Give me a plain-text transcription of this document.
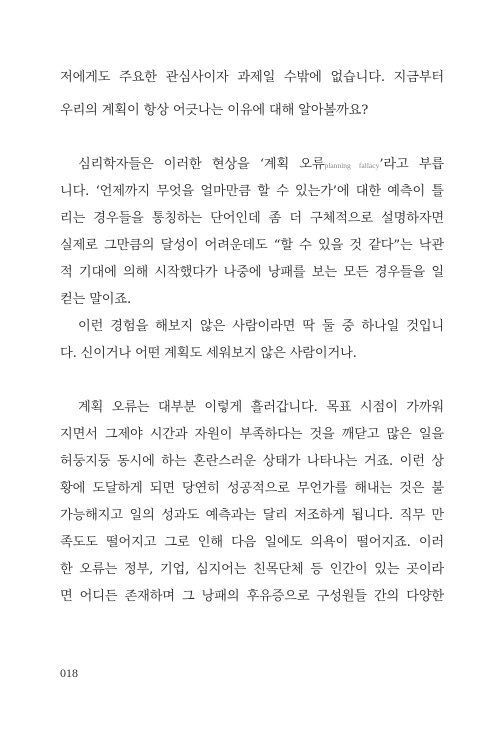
저에게도 주요한 관심사이자 과제일 수밖에 없습니다. 지금부터
우리의 계획이 항상 어긋나는 이유에 대해 알아볼까요?
심리학자들은 이러한 현상을 ‘계획 오류planning fallacy’라고 부릅
니다. ‘언제까지 무엇을 얼마만큼 할 수 있는가’에 대한 예측이 틀
리는 경우들을 통칭하는 단어인데 좀 더 구체적으로 설명하자면
실제로 그만큼의 달성이 어려운데도 “할 수 있을 것 같다”는 낙관
적 기대에 의해 시작했다가 나중에 낭패를 보는 모든 경우들을 일
컫는 말이죠.
이런 경험을 해보지 않은 사람이라면 딱 둘 중 하나일 것입니
다. 신이거나 어떤 계획도 세워보지 않은 사람이거나.
계획 오류는 대부분 이렇게 흘러갑니다. 목표 시점이 가까워
지면서 그제야 시간과 자원이 부족하다는 것을 깨닫고 많은 일을
허둥지둥 동시에 하는 혼란스러운 상태가 나타나는 거죠. 이런 상
황에 도달하게 되면 당연히 성공적으로 무언가를 해내는 것은 불
가능해지고 일의 성과도 예측과는 달리 저조하게 됩니다. 직무 만
족도도 떨어지고 그로 인해 다음 일에도 의욕이 떨어지죠. 이러
한 오류는 정부, 기업, 심지어는 친목단체 등 인간이 있는 곳이라
면 어디든 존재하며 그 낭패의 후유증으로 구성원들 간의 다양한
018
